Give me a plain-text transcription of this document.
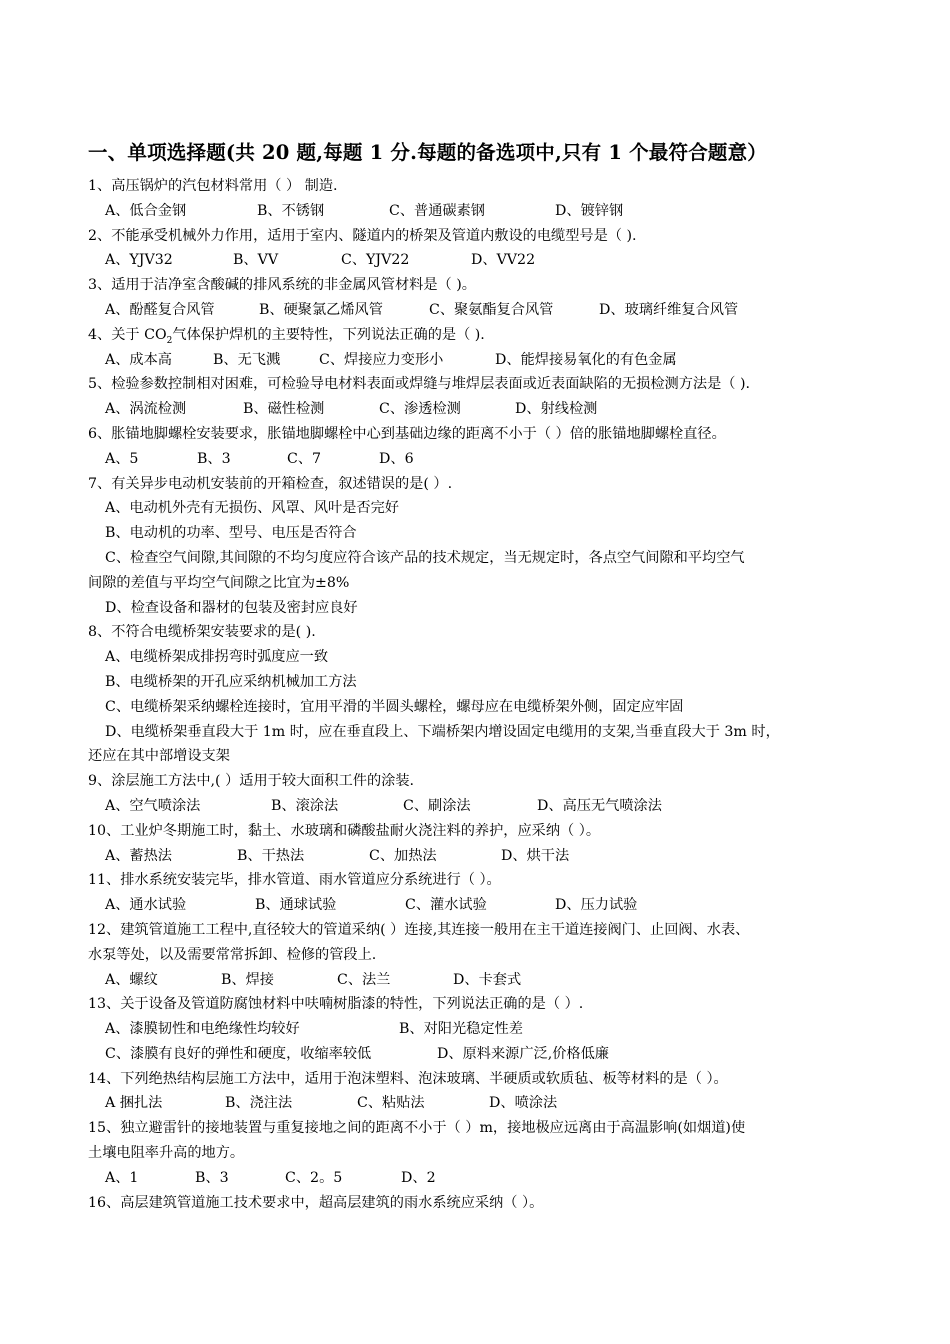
一、单项选择题(共 20 题,每题 1 分.每题的备选项中,只有 1 个最符合题意）
1、高压锅炉的汽包材料常用（ ） 制造.
A、低合金钢	B、不锈钢	C、普通碳素钢	D、镀锌钢
2、不能承受机械外力作用，适用于室内、隧道内的桥架及管道内敷设的电缆型号是（ ).
A、YJV32	B、VV	C、YJV22	D、VV22
3、适用于洁净室含酸碱的排风系统的非金属风管材料是（ )。
A、酚醛复合风管	B、硬聚氯乙烯风管	C、聚氨酯复合风管	D、玻璃纤维复合风管
4、关于 $CO_2$气体保护焊机的主要特性，下列说法正确的是（ ).
A、成本高	B、无飞溅	C、焊接应力变形小	D、能焊接易氧化的有色金属
5、检验参数控制相对困难，可检验导电材料表面或焊缝与堆焊层表面或近表面缺陷的无损检测方法是（ ).
A、涡流检测	B、磁性检测	C、渗透检测	D、射线检测
6、胀锚地脚螺栓安装要求，胀锚地脚螺栓中心到基础边缘的距离不小于（ ）倍的胀锚地脚螺栓直径。
A、5	B、3	C、7	D、6
7、有关异步电动机安装前的开箱检查，叙述错误的是( ）.
A、电动机外壳有无损伤、风罩、风叶是否完好
B、电动机的功率、型号、电压是否符合
C、检查空气间隙,其间隙的不均匀度应符合该产品的技术规定，当无规定时，各点空气间隙和平均空气
间隙的差值与平均空气间隙之比宜为±8%
D、检查设备和器材的包装及密封应良好
8、不符合电缆桥架安装要求的是( ).
A、电缆桥架成排拐弯时弧度应一致
B、电缆桥架的开孔应采纳机械加工方法
C、电缆桥架采纳螺栓连接时，宜用平滑的半圆头螺栓，螺母应在电缆桥架外侧，固定应牢固
D、电缆桥架垂直段大于 1m 时，应在垂直段上、下端桥架内增设固定电缆用的支架,当垂直段大于 3m 时，
还应在其中部增设支架
9、涂层施工方法中,( ）适用于较大面积工件的涂装.
A、空气喷涂法	B、滚涂法	C、刷涂法	D、高压无气喷涂法
10、工业炉冬期施工时，黏土、水玻璃和磷酸盐耐火浇注料的养护，应采纳（ ）。
A、蓄热法	B、干热法	C、加热法	D、烘干法
11、排水系统安装完毕，排水管道、雨水管道应分系统进行（ ）。
A、通水试验	B、通球试验	C、灌水试验	D、压力试验
12、建筑管道施工工程中,直径较大的管道采纳( ）连接,其连接一般用在主干道连接阀门、止回阀、水表、
水泵等处，以及需要常常拆卸、检修的管段上.
A、螺纹	B、焊接	C、法兰	D、卡套式
13、关于设备及管道防腐蚀材料中呋喃树脂漆的特性，下列说法正确的是（ ）.
A、漆膜韧性和电绝缘性均较好	B、对阳光稳定性差
C、漆膜有良好的弹性和硬度，收缩率较低	D、原料来源广泛,价格低廉
14、下列绝热结构层施工方法中，适用于泡沫塑料、泡沫玻璃、半硬质或软质毡、板等材料的是（ ）。
A 捆扎法	B、浇注法	C、粘贴法	D、喷涂法
15、独立避雷针的接地装置与重复接地之间的距离不小于（ ）m，接地极应远离由于高温影响(如烟道)使
土壤电阻率升高的地方。
A、1	B、3	C、2。5	D、2
16、高层建筑管道施工技术要求中，超高层建筑的雨水系统应采纳（ ）。
